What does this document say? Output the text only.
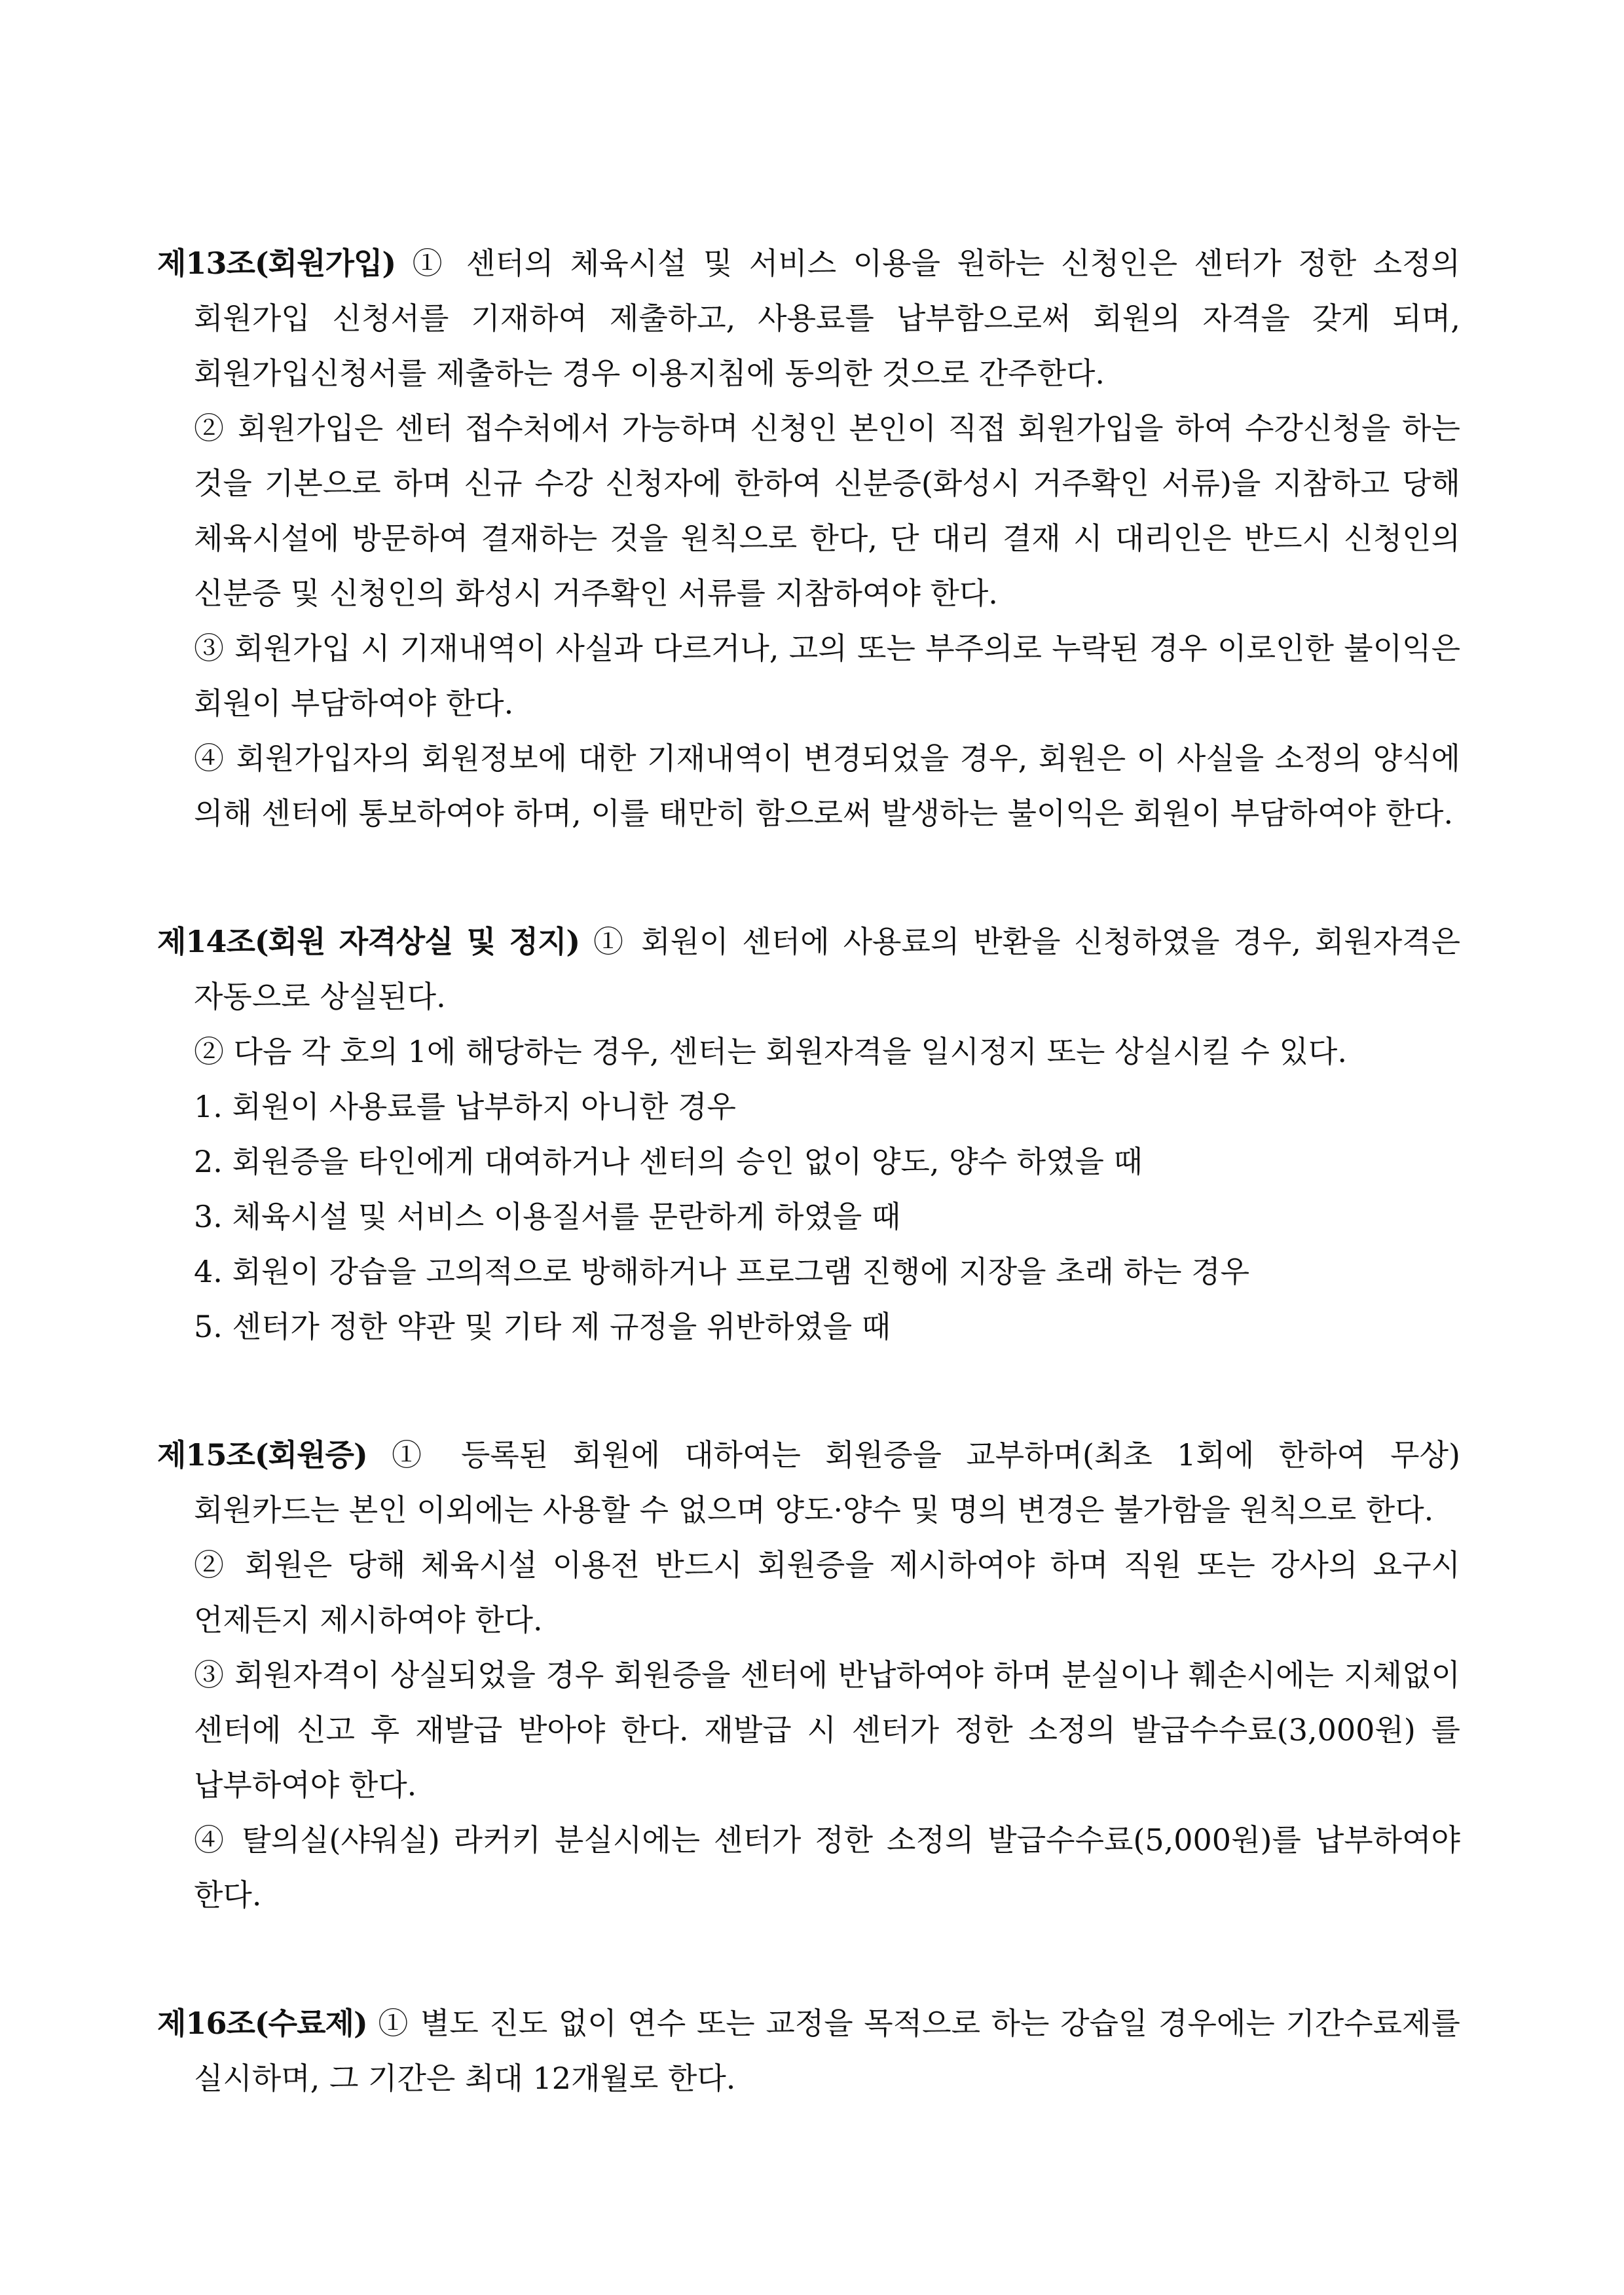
제13조(회원가입) ① 센터의 체육시설 및 서비스 이용을 원하는 신청인은 센터가 정한 소정의 회원가입 신청서를 기재하여 제출하고, 사용료를 납부함으로써 회원의 자격을 갖게 되며, 회원가입신청서를 제출하는 경우 이용지침에 동의한 것으로 간주한다.

② 회원가입은 센터 접수처에서 가능하며 신청인 본인이 직접 회원가입을 하여 수강신청을 하는 것을 기본으로 하며 신규 수강 신청자에 한하여 신분증(화성시 거주확인 서류)을 지참하고 당해 체육시설에 방문하여 결재하는 것을 원칙으로 한다, 단 대리 결재 시 대리인은 반드시 신청인의 신분증 및 신청인의 화성시 거주확인 서류를 지참하여야 한다.

③ 회원가입 시 기재내역이 사실과 다르거나, 고의 또는 부주의로 누락된 경우 이로인한 불이익은 회원이 부담하여야 한다.

④ 회원가입자의 회원정보에 대한 기재내역이 변경되었을 경우, 회원은 이 사실을 소정의 양식에 의해 센터에 통보하여야 하며, 이를 태만히 함으로써 발생하는 불이익은 회원이 부담하여야 한다.

제14조(회원 자격상실 및 정지) ① 회원이 센터에 사용료의 반환을 신청하였을 경우, 회원자격은 자동으로 상실된다.

② 다음 각 호의 1에 해당하는 경우, 센터는 회원자격을 일시정지 또는 상실시킬 수 있다.

1. 회원이 사용료를 납부하지 아니한 경우

2. 회원증을 타인에게 대여하거나 센터의 승인 없이 양도, 양수 하였을 때

3. 체육시설 및 서비스 이용질서를 문란하게 하였을 때

4. 회원이 강습을 고의적으로 방해하거나 프로그램 진행에 지장을 초래 하는 경우

5. 센터가 정한 약관 및 기타 제 규정을 위반하였을 때

제15조(회원증) ① 등록된 회원에 대하여는 회원증을 교부하며(최초 1회에 한하여 무상) 회원카드는 본인 이외에는 사용할 수 없으며 양도·양수 및 명의 변경은 불가함을 원칙으로 한다.

② 회원은 당해 체육시설 이용전 반드시 회원증을 제시하여야 하며 직원 또는 강사의 요구시 언제든지 제시하여야 한다.

③ 회원자격이 상실되었을 경우 회원증을 센터에 반납하여야 하며 분실이나 훼손시에는 지체없이 센터에 신고 후 재발급 받아야 한다. 재발급 시 센터가 정한 소정의 발급수수료(3,000원) 를 납부하여야 한다.

④ 탈의실(샤워실) 라커키 분실시에는 센터가 정한 소정의 발급수수료(5,000원)를 납부하여야 한다.

제16조(수료제) ① 별도 진도 없이 연수 또는 교정을 목적으로 하는 강습일 경우에는 기간수료제를 실시하며, 그 기간은 최대 12개월로 한다.
